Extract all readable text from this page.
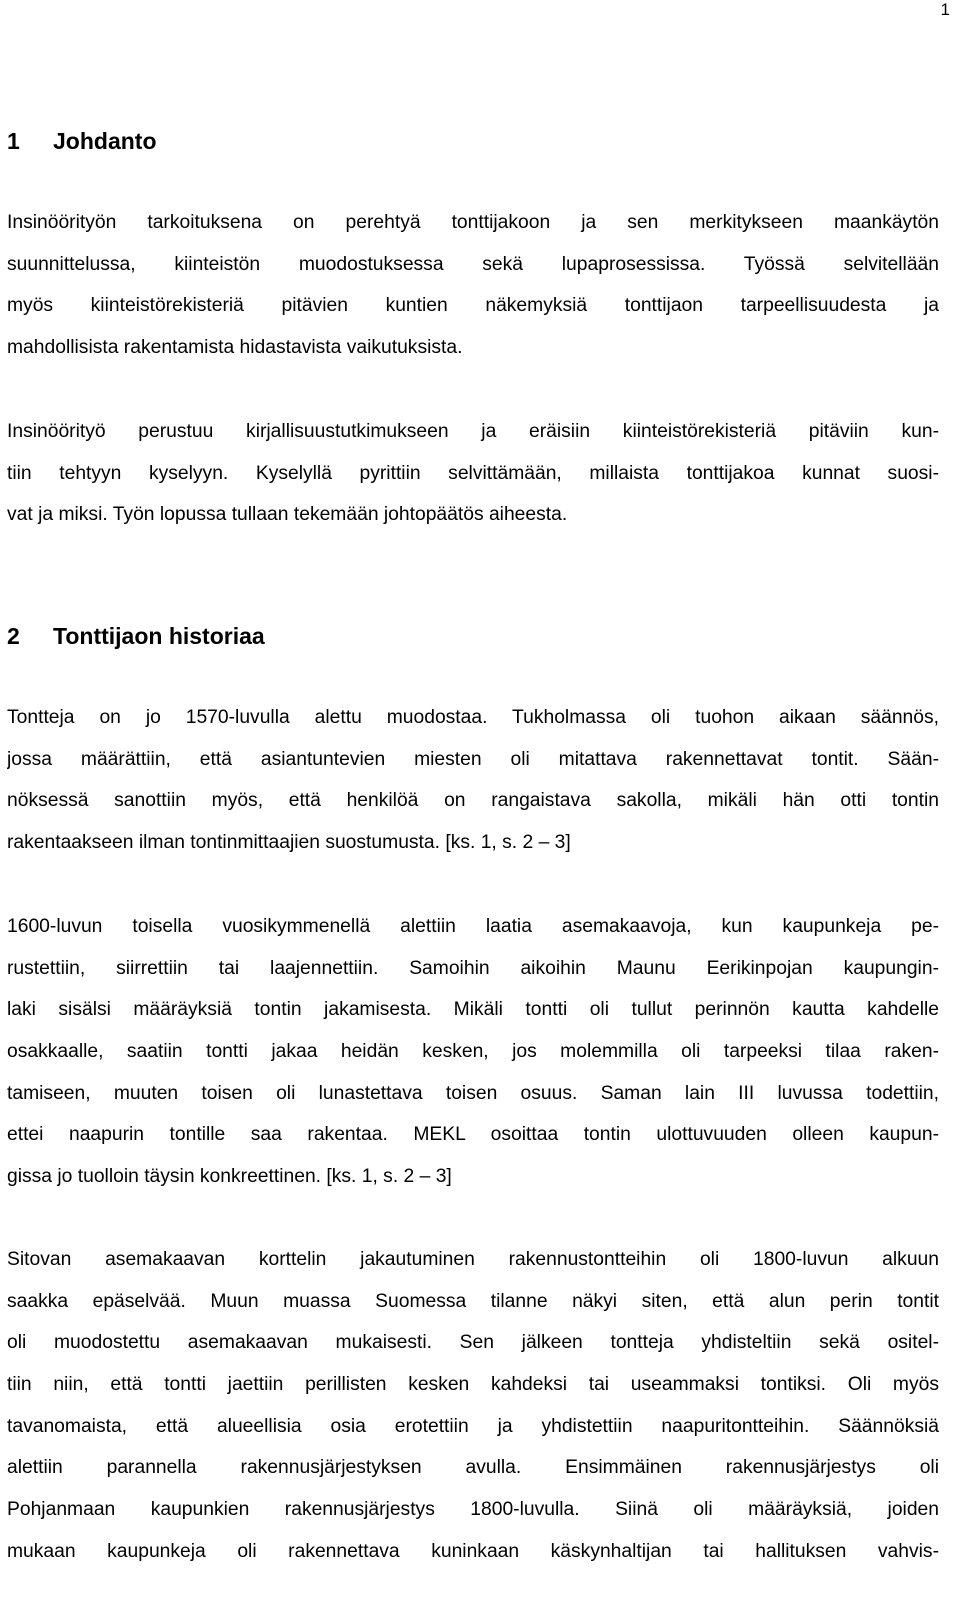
1
1 Johdanto
Insinöörityön tarkoituksena on perehtyä tonttijakoon ja sen merkitykseen maankäytön
suunnittelussa, kiinteistön muodostuksessa sekä lupaprosessissa. Työssä selvitellään
myös kiinteistörekisteriä pitävien kuntien näkemyksiä tonttijaon tarpeellisuudesta ja
mahdollisista rakentamista hidastavista vaikutuksista.
Insinöörityö perustuu kirjallisuustutkimukseen ja eräisiin kiinteistörekisteriä pitäviin kun-
tiin tehtyyn kyselyyn. Kyselyllä pyrittiin selvittämään, millaista tonttijakoa kunnat suosi-
vat ja miksi. Työn lopussa tullaan tekemään johtopäätös aiheesta.
2 Tonttijaon historiaa
Tontteja on jo 1570-luvulla alettu muodostaa. Tukholmassa oli tuohon aikaan säännös,
jossa määrättiin, että asiantuntevien miesten oli mitattava rakennettavat tontit. Sään-
nöksessä sanottiin myös, että henkilöä on rangaistava sakolla, mikäli hän otti tontin
rakentaakseen ilman tontinmittaajien suostumusta. [ks. 1, s. 2 – 3]
1600-luvun toisella vuosikymmenellä alettiin laatia asemakaavoja, kun kaupunkeja pe-
rustettiin, siirrettiin tai laajennettiin. Samoihin aikoihin Maunu Eerikinpojan kaupungin-
laki sisälsi määräyksiä tontin jakamisesta. Mikäli tontti oli tullut perinnön kautta kahdelle
osakkaalle, saatiin tontti jakaa heidän kesken, jos molemmilla oli tarpeeksi tilaa raken-
tamiseen, muuten toisen oli lunastettava toisen osuus. Saman lain III luvussa todettiin,
ettei naapurin tontille saa rakentaa. MEKL osoittaa tontin ulottuvuuden olleen kaupun-
gissa jo tuolloin täysin konkreettinen. [ks. 1, s. 2 – 3]
Sitovan asemakaavan korttelin jakautuminen rakennustontteihin oli 1800-luvun alkuun
saakka epäselvää. Muun muassa Suomessa tilanne näkyi siten, että alun perin tontit
oli muodostettu asemakaavan mukaisesti. Sen jälkeen tontteja yhdisteltiin sekä ositel-
tiin niin, että tontti jaettiin perillisten kesken kahdeksi tai useammaksi tontiksi. Oli myös
tavanomaista, että alueellisia osia erotettiin ja yhdistettiin naapuritontteihin. Säännöksiä
alettiin parannella rakennusjärjestyksen avulla. Ensimmäinen rakennusjärjestys oli
Pohjanmaan kaupunkien rakennusjärjestys 1800-luvulla. Siinä oli määräyksiä, joiden
mukaan kaupunkeja oli rakennettava kuninkaan käskynhaltijan tai hallituksen vahvis-
